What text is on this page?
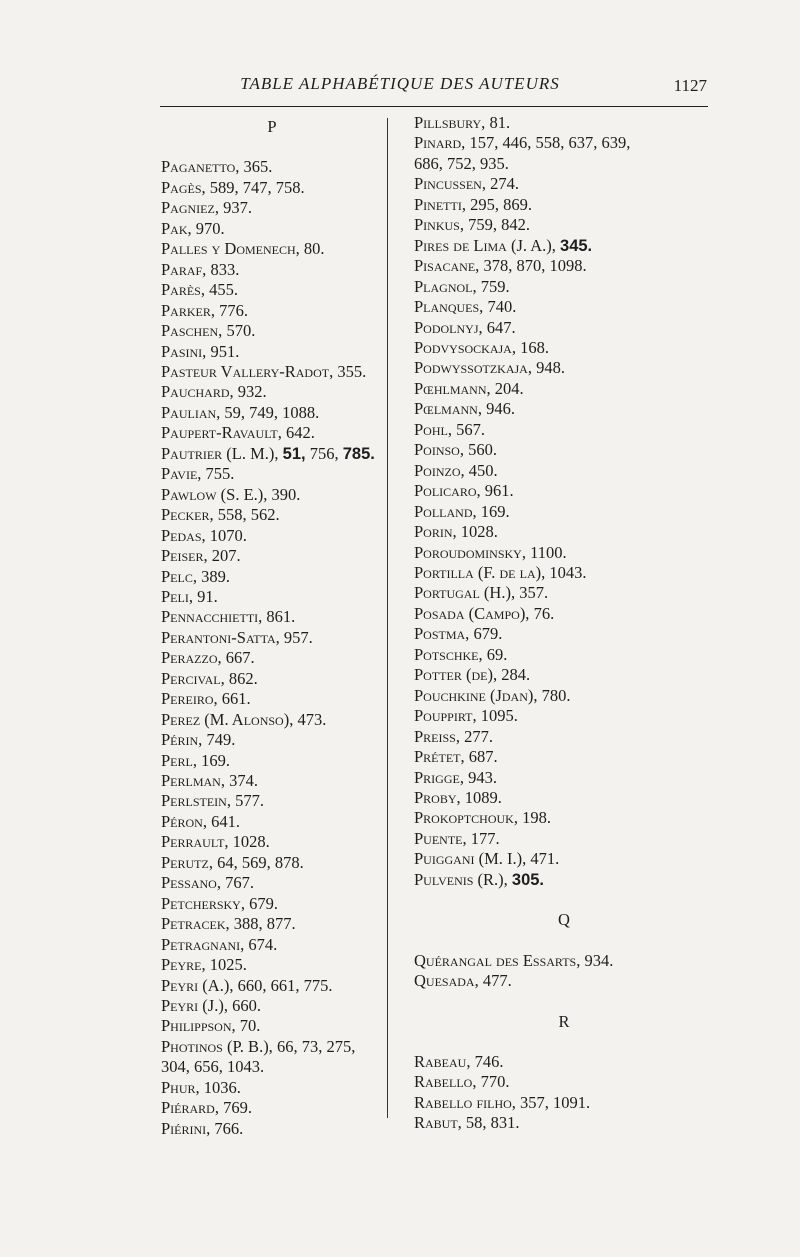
TABLE ALPHABÉTIQUE DES AUTEURS	1127
P
Paganetto, 365.
Pagès, 589, 747, 758.
Pagniez, 937.
Pak, 970.
Palles y Domenech, 80.
Paraf, 833.
Parès, 455.
Parker, 776.
Paschen, 570.
Pasini, 951.
Pasteur Vallery-Radot, 355.
Pauchard, 932.
Paulian, 59, 749, 1088.
Paupert-Ravault, 642.
Pautrier (L. M.), 51, 756, 785.
Pavie, 755.
Pawlow (S. E.), 390.
Pecker, 558, 562.
Pedas, 1070.
Peiser, 207.
Pelc, 389.
Peli, 91.
Pennacchietti, 861.
Perantoni-Satta, 957.
Perazzo, 667.
Percival, 862.
Pereiro, 661.
Perez (M. Alonso), 473.
Périn, 749.
Perl, 169.
Perlman, 374.
Perlstein, 577.
Péron, 641.
Perrault, 1028.
Perutz, 64, 569, 878.
Pessano, 767.
Petchersky, 679.
Petracek, 388, 877.
Petragnani, 674.
Peyre, 1025.
Peyri (A.), 660, 661, 775.
Peyri (J.), 660.
Philippson, 70.
Photinos (P. B.), 66, 73, 275,
304, 656, 1043.
Phur, 1036.
Piérard, 769.
Piérini, 766.
Pillsbury, 81.
Pinard, 157, 446, 558, 637, 639,
686, 752, 935.
Pincussen, 274.
Pinetti, 295, 869.
Pinkus, 759, 842.
Pires de Lima (J. A.), 345.
Pisacane, 378, 870, 1098.
Plagnol, 759.
Planques, 740.
Podolnyj, 647.
Podvysockaja, 168.
Podwyssotzkaja, 948.
Pœhlmann, 204.
Pœlmann, 946.
Pohl, 567.
Poinso, 560.
Poinzo, 450.
Policaro, 961.
Polland, 169.
Porin, 1028.
Poroudominsky, 1100.
Portilla (F. de la), 1043.
Portugal (H.), 357.
Posada (Campo), 76.
Postma, 679.
Potschke, 69.
Potter (de), 284.
Pouchkine (Jdan), 780.
Pouppirt, 1095.
Preiss, 277.
Prétet, 687.
Prigge, 943.
Proby, 1089.
Prokoptchouk, 198.
Puente, 177.
Puiggani (M. I.), 471.
Pulvenis (R.), 305.
Q
Quérangal des Essarts, 934.
Quesada, 477.
R
Rabeau, 746.
Rabello, 770.
Rabello filho, 357, 1091.
Rabut, 58, 831.
